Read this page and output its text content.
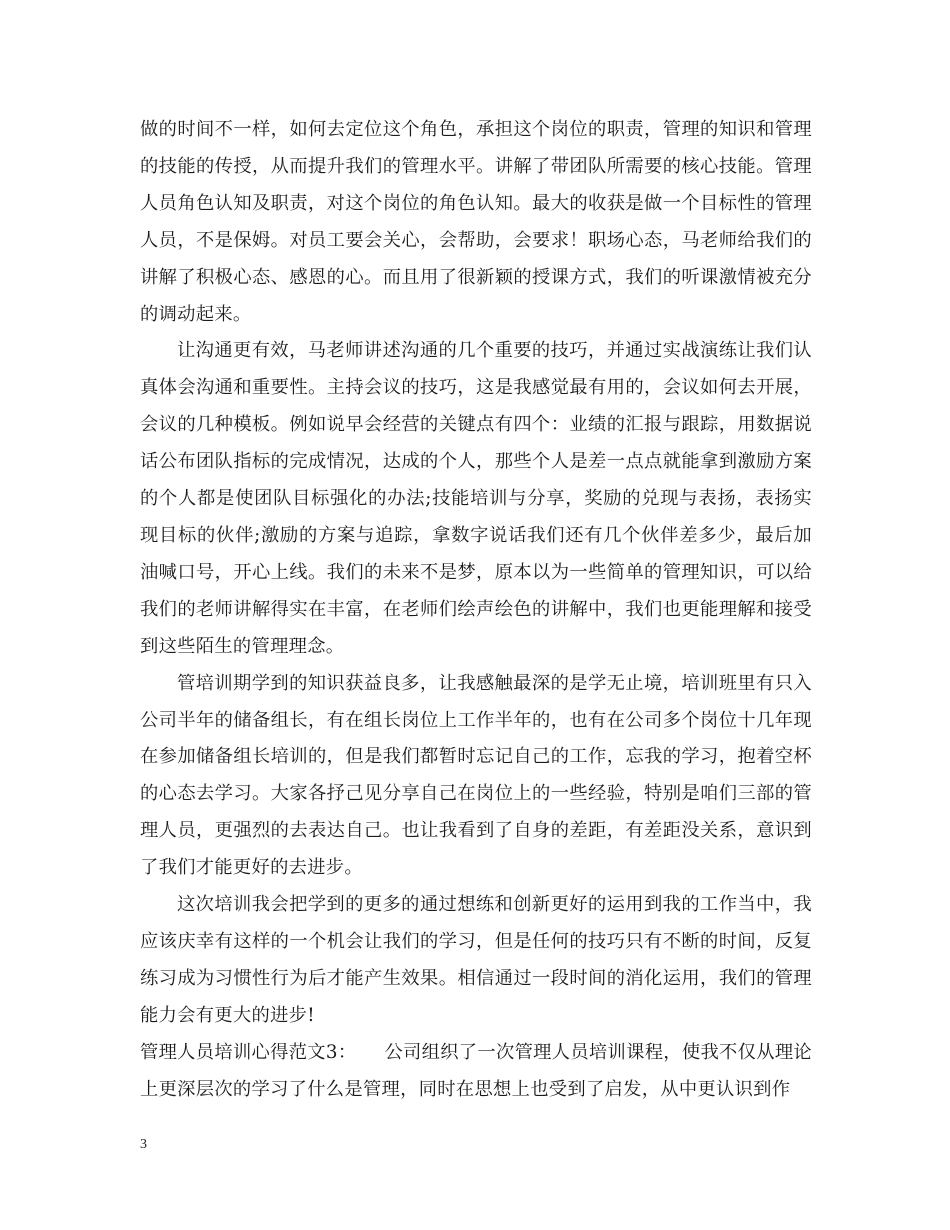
做的时间不一样，如何去定位这个角色，承担这个岗位的职责，管理的知识和管理的技能的传授，从而提升我们的管理水平。讲解了带团队所需要的核心技能。管理人员角色认知及职责，对这个岗位的角色认知。最大的收获是做一个目标性的管理人员，不是保姆。对员工要会关心，会帮助，会要求！职场心态，马老师给我们的讲解了积极心态、感恩的心。而且用了很新颖的授课方式，我们的听课激情被充分的调动起来。

让沟通更有效，马老师讲述沟通的几个重要的技巧，并通过实战演练让我们认真体会沟通和重要性。主持会议的技巧，这是我感觉最有用的，会议如何去开展，会议的几种模板。例如说早会经营的关键点有四个：业绩的汇报与跟踪，用数据说话公布团队指标的完成情况，达成的个人，那些个人是差一点点就能拿到激励方案的个人都是使团队目标强化的办法;技能培训与分享，奖励的兑现与表扬，表扬实现目标的伙伴;激励的方案与追踪，拿数字说话我们还有几个伙伴差多少，最后加油喊口号，开心上线。我们的未来不是梦，原本以为一些简单的管理知识，可以给我们的老师讲解得实在丰富，在老师们绘声绘色的讲解中，我们也更能理解和接受到这些陌生的管理理念。

管培训期学到的知识获益良多，让我感触最深的是学无止境，培训班里有只入公司半年的储备组长，有在组长岗位上工作半年的，也有在公司多个岗位十几年现在参加储备组长培训的，但是我们都暂时忘记自己的工作，忘我的学习，抱着空杯的心态去学习。大家各抒己见分享自己在岗位上的一些经验，特别是咱们三部的管理人员，更强烈的去表达自己。也让我看到了自身的差距，有差距没关系，意识到了我们才能更好的去进步。

这次培训我会把学到的更多的通过想练和创新更好的运用到我的工作当中，我应该庆幸有这样的一个机会让我们的学习，但是任何的技巧只有不断的时间，反复练习成为习惯性行为后才能产生效果。相信通过一段时间的消化运用，我们的管理能力会有更大的进步!

管理人员培训心得范文3： 公司组织了一次管理人员培训课程，使我不仅从理论上更深层次的学习了什么是管理，同时在思想上也受到了启发，从中更认识到作

3
